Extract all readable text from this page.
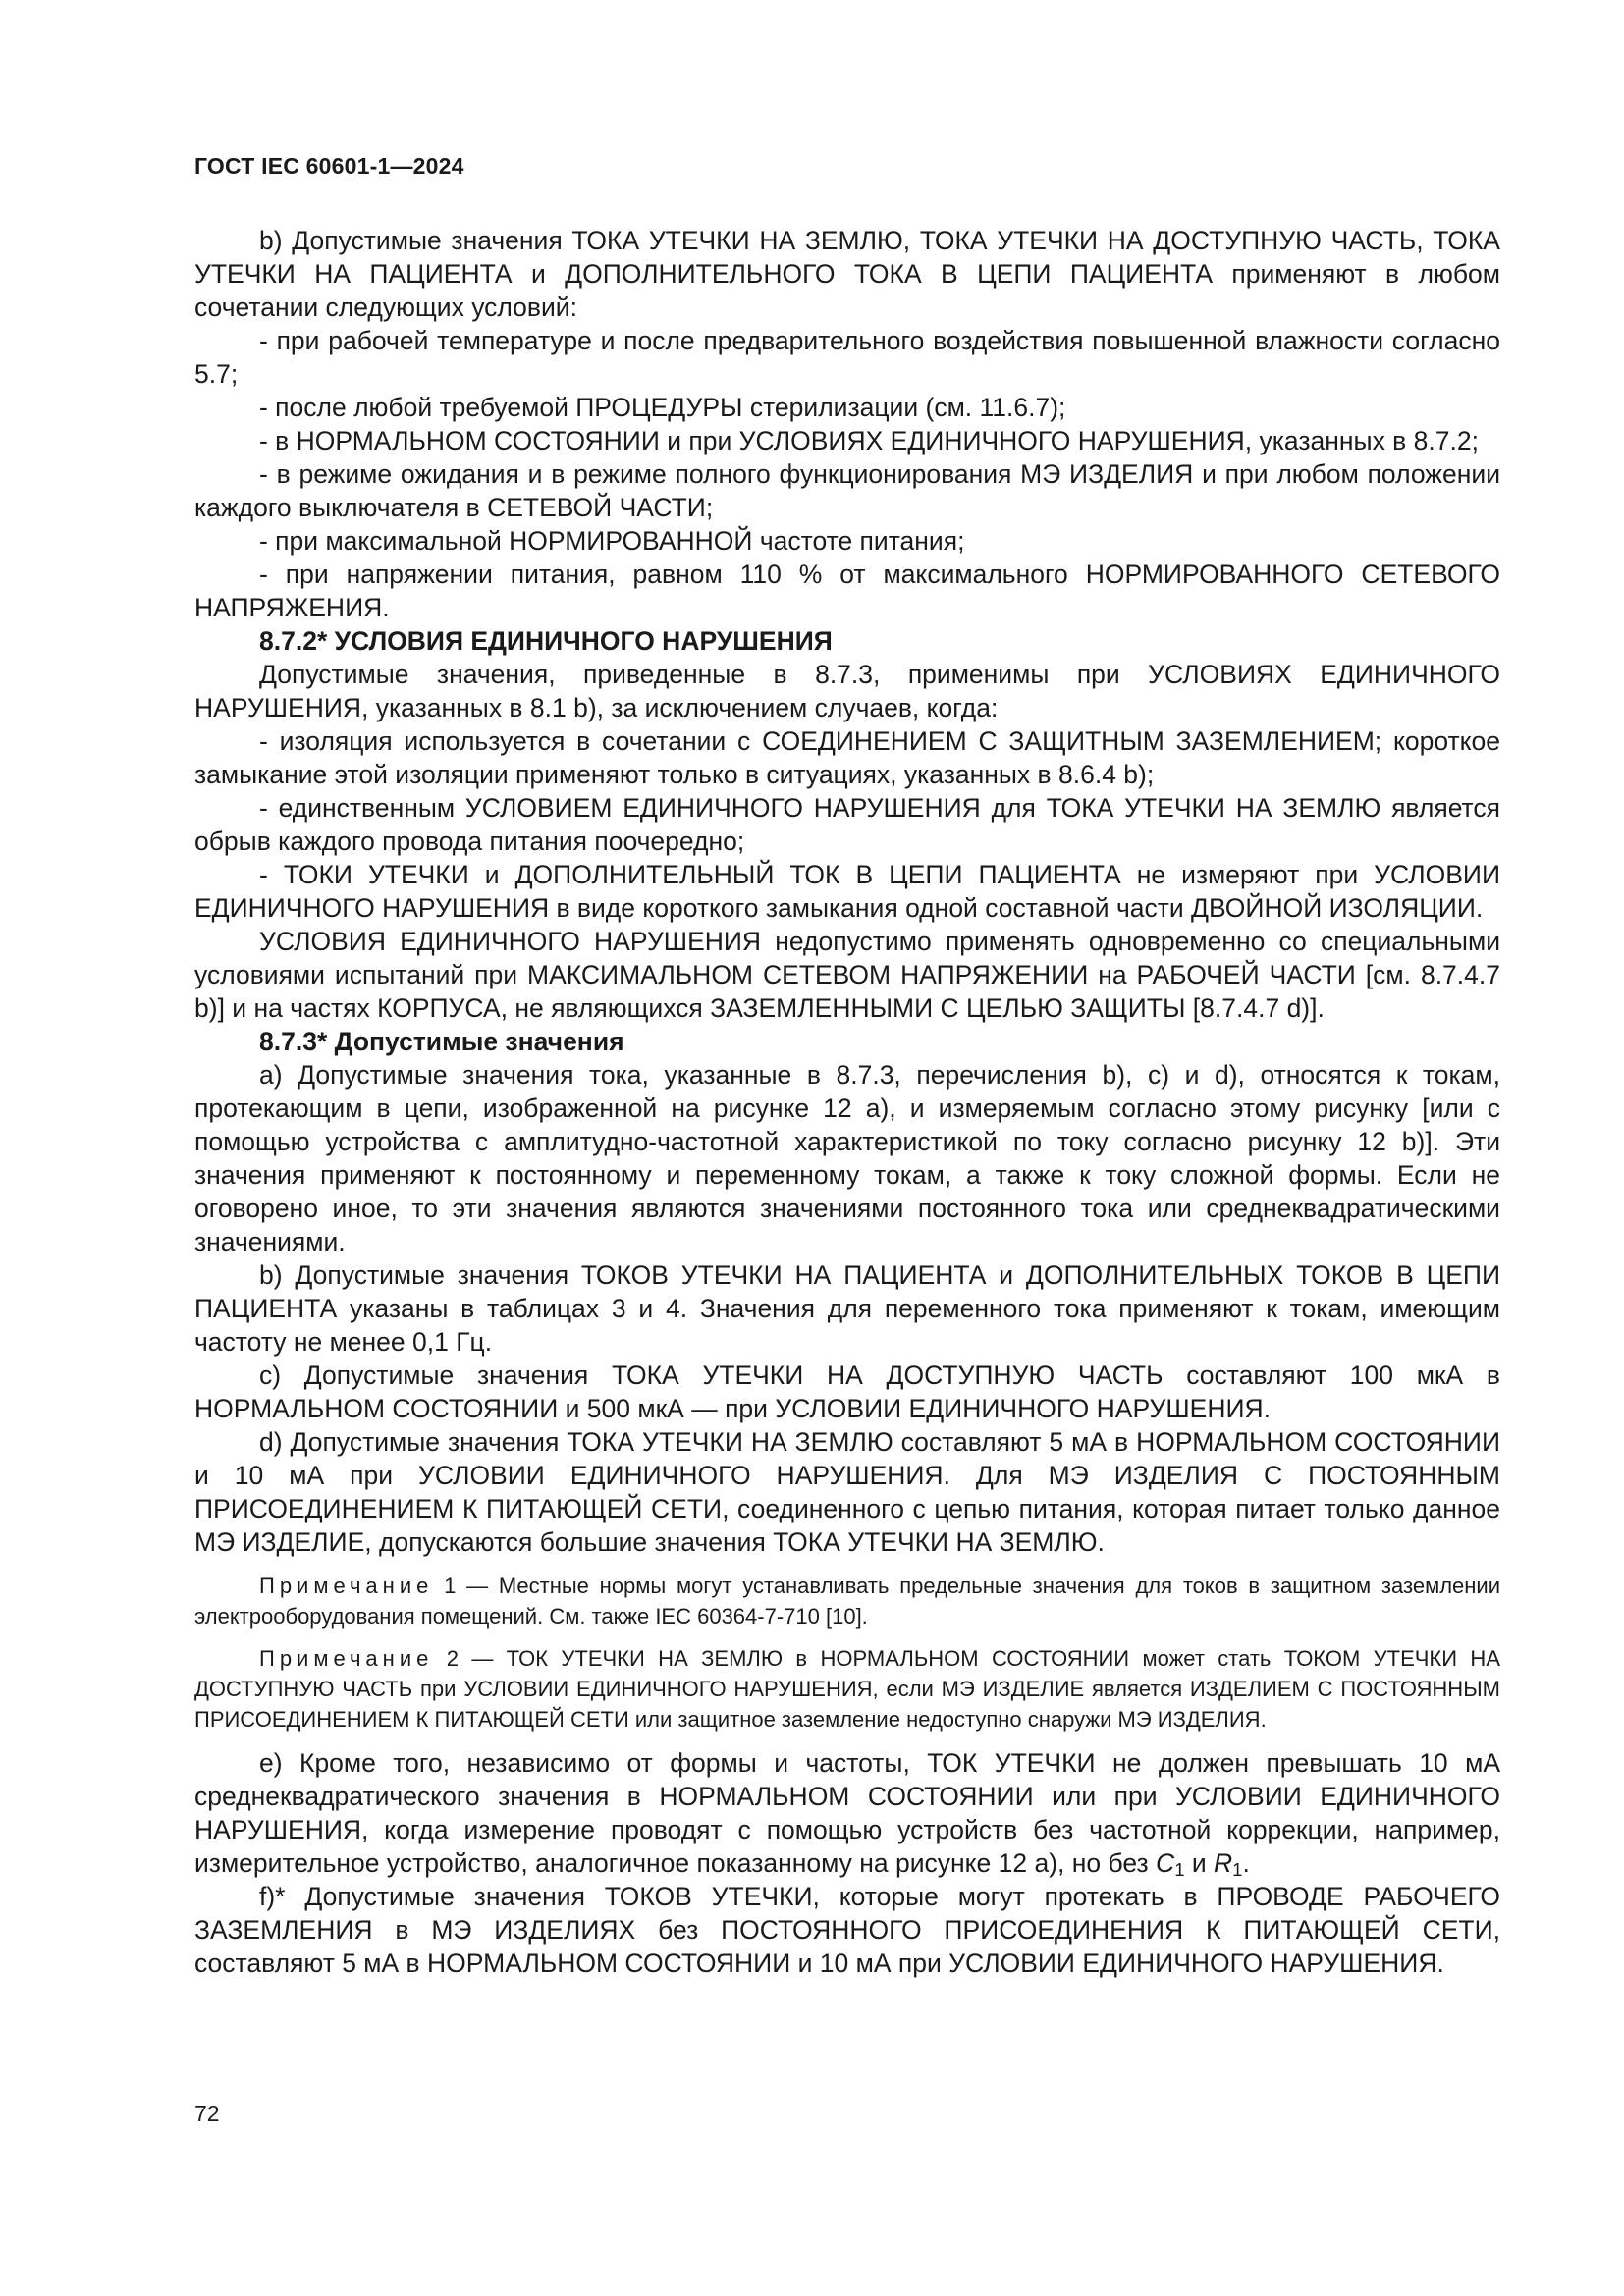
ГОСТ IEC 60601-1—2024

b) Допустимые значения ТОКА УТЕЧКИ НА ЗЕМЛЮ, ТОКА УТЕЧКИ НА ДОСТУПНУЮ ЧАСТЬ, ТОКА УТЕЧКИ НА ПАЦИЕНТА и ДОПОЛНИТЕЛЬНОГО ТОКА В ЦЕПИ ПАЦИЕНТА применяют в любом сочетании следующих условий:

- при рабочей температуре и после предварительного воздействия повышенной влажности согласно 5.7;

- после любой требуемой ПРОЦЕДУРЫ стерилизации (см. 11.6.7);

- в НОРМАЛЬНОМ СОСТОЯНИИ и при УСЛОВИЯХ ЕДИНИЧНОГО НАРУШЕНИЯ, указанных в 8.7.2;

- в режиме ожидания и в режиме полного функционирования МЭ ИЗДЕЛИЯ и при любом положении каждого выключателя в СЕТЕВОЙ ЧАСТИ;

- при максимальной НОРМИРОВАННОЙ частоте питания;

- при напряжении питания, равном 110 % от максимального НОРМИРОВАННОГО СЕТЕВОГО НАПРЯЖЕНИЯ.

8.7.2* УСЛОВИЯ ЕДИНИЧНОГО НАРУШЕНИЯ

Допустимые значения, приведенные в 8.7.3, применимы при УСЛОВИЯХ ЕДИНИЧНОГО НАРУШЕНИЯ, указанных в 8.1 b), за исключением случаев, когда:

- изоляция используется в сочетании с СОЕДИНЕНИЕМ С ЗАЩИТНЫМ ЗАЗЕМЛЕНИЕМ; короткое замыкание этой изоляции применяют только в ситуациях, указанных в 8.6.4 b);

- единственным УСЛОВИЕМ ЕДИНИЧНОГО НАРУШЕНИЯ для ТОКА УТЕЧКИ НА ЗЕМЛЮ является обрыв каждого провода питания поочередно;

- ТОКИ УТЕЧКИ и ДОПОЛНИТЕЛЬНЫЙ ТОК В ЦЕПИ ПАЦИЕНТА не измеряют при УСЛОВИИ ЕДИНИЧНОГО НАРУШЕНИЯ в виде короткого замыкания одной составной части ДВОЙНОЙ ИЗОЛЯЦИИ.

УСЛОВИЯ ЕДИНИЧНОГО НАРУШЕНИЯ недопустимо применять одновременно со специальными условиями испытаний при МАКСИМАЛЬНОМ СЕТЕВОМ НАПРЯЖЕНИИ на РАБОЧЕЙ ЧАСТИ [см. 8.7.4.7 b)] и на частях КОРПУСА, не являющихся ЗАЗЕМЛЕННЫМИ С ЦЕЛЬЮ ЗАЩИТЫ [8.7.4.7 d)].

8.7.3* Допустимые значения

a) Допустимые значения тока, указанные в 8.7.3, перечисления b), c) и d), относятся к токам, протекающим в цепи, изображенной на рисунке 12 a), и измеряемым согласно этому рисунку [или с помощью устройства с амплитудно-частотной характеристикой по току согласно рисунку 12 b)]. Эти значения применяют к постоянному и переменному токам, а также к току сложной формы. Если не оговорено иное, то эти значения являются значениями постоянного тока или среднеквадратическими значениями.

b) Допустимые значения ТОКОВ УТЕЧКИ НА ПАЦИЕНТА и ДОПОЛНИТЕЛЬНЫХ ТОКОВ В ЦЕПИ ПАЦИЕНТА указаны в таблицах 3 и 4. Значения для переменного тока применяют к токам, имеющим частоту не менее 0,1 Гц.

c) Допустимые значения ТОКА УТЕЧКИ НА ДОСТУПНУЮ ЧАСТЬ составляют 100 мкА в НОРМАЛЬНОМ СОСТОЯНИИ и 500 мкА — при УСЛОВИИ ЕДИНИЧНОГО НАРУШЕНИЯ.

d) Допустимые значения ТОКА УТЕЧКИ НА ЗЕМЛЮ составляют 5 мА в НОРМАЛЬНОМ СОСТОЯНИИ и 10 мА при УСЛОВИИ ЕДИНИЧНОГО НАРУШЕНИЯ. Для МЭ ИЗДЕЛИЯ С ПОСТОЯННЫМ ПРИСОЕДИНЕНИЕМ К ПИТАЮЩЕЙ СЕТИ, соединенного с цепью питания, которая питает только данное МЭ ИЗДЕЛИЕ, допускаются большие значения ТОКА УТЕЧКИ НА ЗЕМЛЮ.

Примечание 1 — Местные нормы могут устанавливать предельные значения для токов в защитном заземлении электрооборудования помещений. См. также IEC 60364-7-710 [10].

Примечание 2 — ТОК УТЕЧКИ НА ЗЕМЛЮ в НОРМАЛЬНОМ СОСТОЯНИИ может стать ТОКОМ УТЕЧКИ НА ДОСТУПНУЮ ЧАСТЬ при УСЛОВИИ ЕДИНИЧНОГО НАРУШЕНИЯ, если МЭ ИЗДЕЛИЕ является ИЗДЕЛИЕМ С ПОСТОЯННЫМ ПРИСОЕДИНЕНИЕМ К ПИТАЮЩЕЙ СЕТИ или защитное заземление недоступно снаружи МЭ ИЗДЕЛИЯ.

e) Кроме того, независимо от формы и частоты, ТОК УТЕЧКИ не должен превышать 10 мА среднеквадратического значения в НОРМАЛЬНОМ СОСТОЯНИИ или при УСЛОВИИ ЕДИНИЧНОГО НАРУШЕНИЯ, когда измерение проводят с помощью устройств без частотной коррекции, например, измерительное устройство, аналогичное показанному на рисунке 12 a), но без $C_1$ и $R_1$.

f)* Допустимые значения ТОКОВ УТЕЧКИ, которые могут протекать в ПРОВОДЕ РАБОЧЕГО ЗАЗЕМЛЕНИЯ в МЭ ИЗДЕЛИЯХ без ПОСТОЯННОГО ПРИСОЕДИНЕНИЯ К ПИТАЮЩЕЙ СЕТИ, составляют 5 мА в НОРМАЛЬНОМ СОСТОЯНИИ и 10 мА при УСЛОВИИ ЕДИНИЧНОГО НАРУШЕНИЯ.

72
